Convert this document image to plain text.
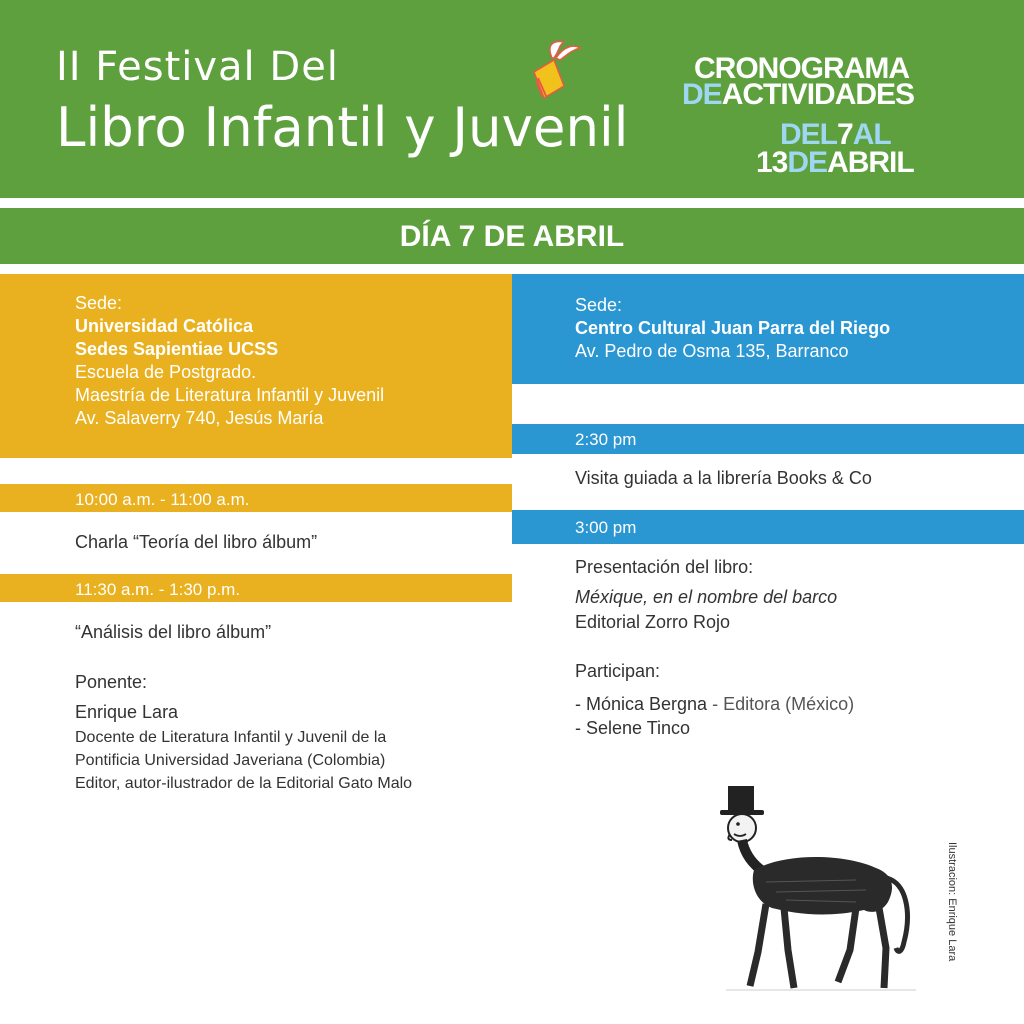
II Festival Del
Libro Infantil y Juvenil
CRONOGRAMA
DEACTIVIDADES
DEL7AL
13DEABRIL
DÍA 7 DE ABRIL
Sede:
Universidad Católica
Sedes Sapientiae UCSS
Escuela de Postgrado.
Maestría de Literatura Infantil y Juvenil
Av. Salaverry 740, Jesús María
10:00 a.m. - 11:00 a.m.
Charla “Teoría del libro álbum”
11:30 a.m. - 1:30 p.m.
“Análisis del libro álbum”
Ponente:
Enrique Lara
Docente de Literatura Infantil y Juvenil de la
Pontificia Universidad Javeriana (Colombia)
Editor, autor-ilustrador de la Editorial Gato Malo
Sede:
Centro Cultural Juan Parra del Riego
Av. Pedro de Osma 135, Barranco
2:30 pm
Visita guiada a la librería Books & Co
3:00 pm
Presentación del libro:
Méxique, en el nombre del barco
Editorial Zorro Rojo
Participan:
- Mónica Bergna - Editora (México)
- Selene Tinco
Ilustracion: Enrique Lara
